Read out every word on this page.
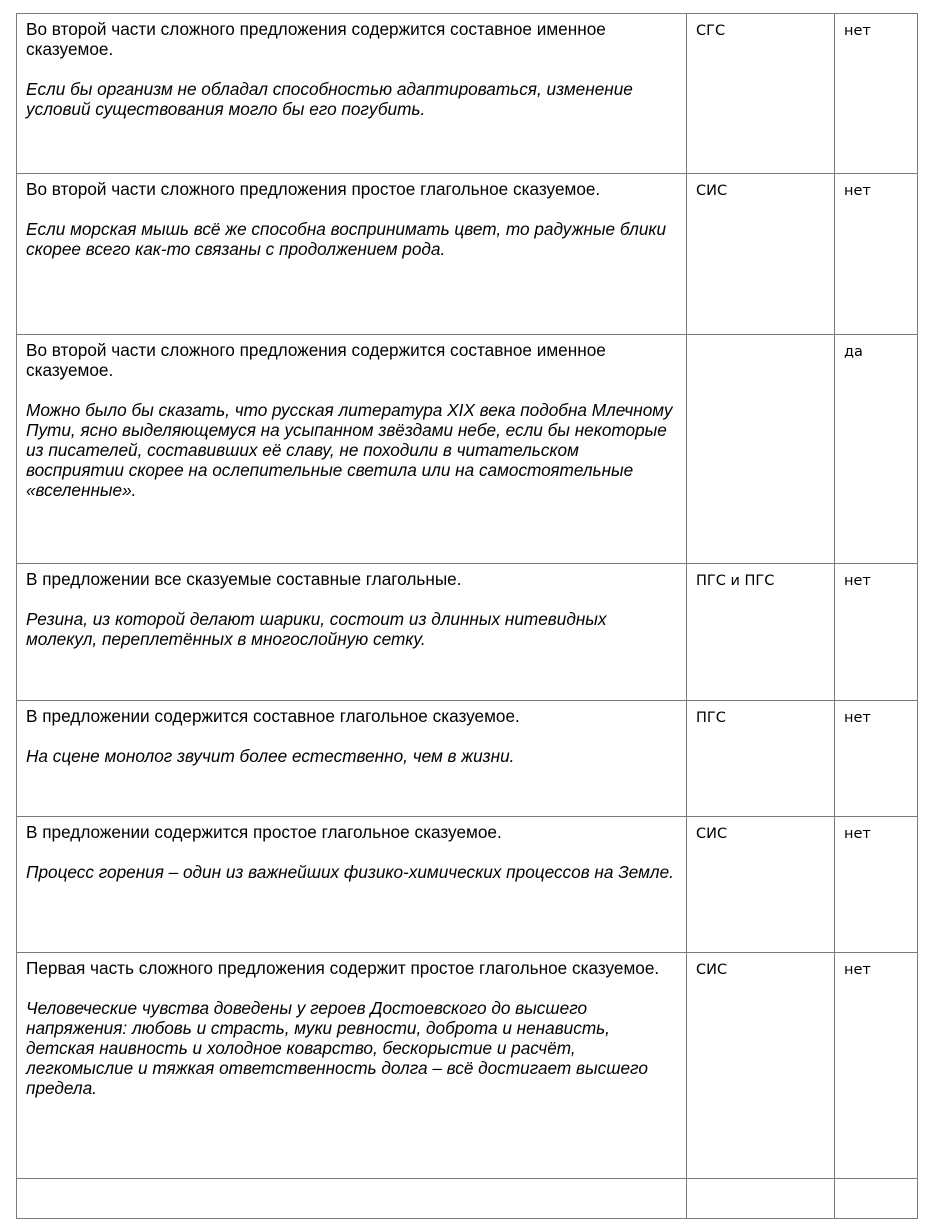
Во второй части сложного предложения содержится составное именное сказуемое.

Если бы организм не обладал способностью адаптироваться, изменение условий существования могло бы его погубить.	СГС	нет

Во второй части сложного предложения простое глагольное сказуемое.

Если морская мышь всё же способна воспринимать цвет, то радужные блики скорее всего как-то связаны с продолжением рода.	СИС	нет

Во второй части сложного предложения содержится составное именное сказуемое.

Можно было бы сказать, что русская литература XIX века подобна Млечному Пути, ясно выделяющемуся на усыпанном звёздами небе, если бы некоторые из писателей, составивших её славу, не походили в читательском восприятии скорее на ослепительные светила или на самостоятельные «вселенные».		да

В предложении все сказуемые составные глагольные.

Резина, из которой делают шарики, состоит из длинных нитевидных молекул, переплетённых в многослойную сетку.	ПГС и ПГС	нет

В предложении содержится составное глагольное сказуемое.

На сцене монолог звучит более естественно, чем в жизни.	ПГС	нет

В предложении содержится простое глагольное сказуемое.

Процесс горения – один из важнейших физико-химических процессов на Земле.	СИС	нет

Первая часть сложного предложения содержит простое глагольное сказуемое.

Человеческие чувства доведены у героев Достоевского до высшего напряжения: любовь и страсть, муки ревности, доброта и ненависть, детская наивность и холодное коварство, бескорыстие и расчёт, легкомыслие и тяжкая ответственность долга – всё достигает высшего предела.	СИС	нет
